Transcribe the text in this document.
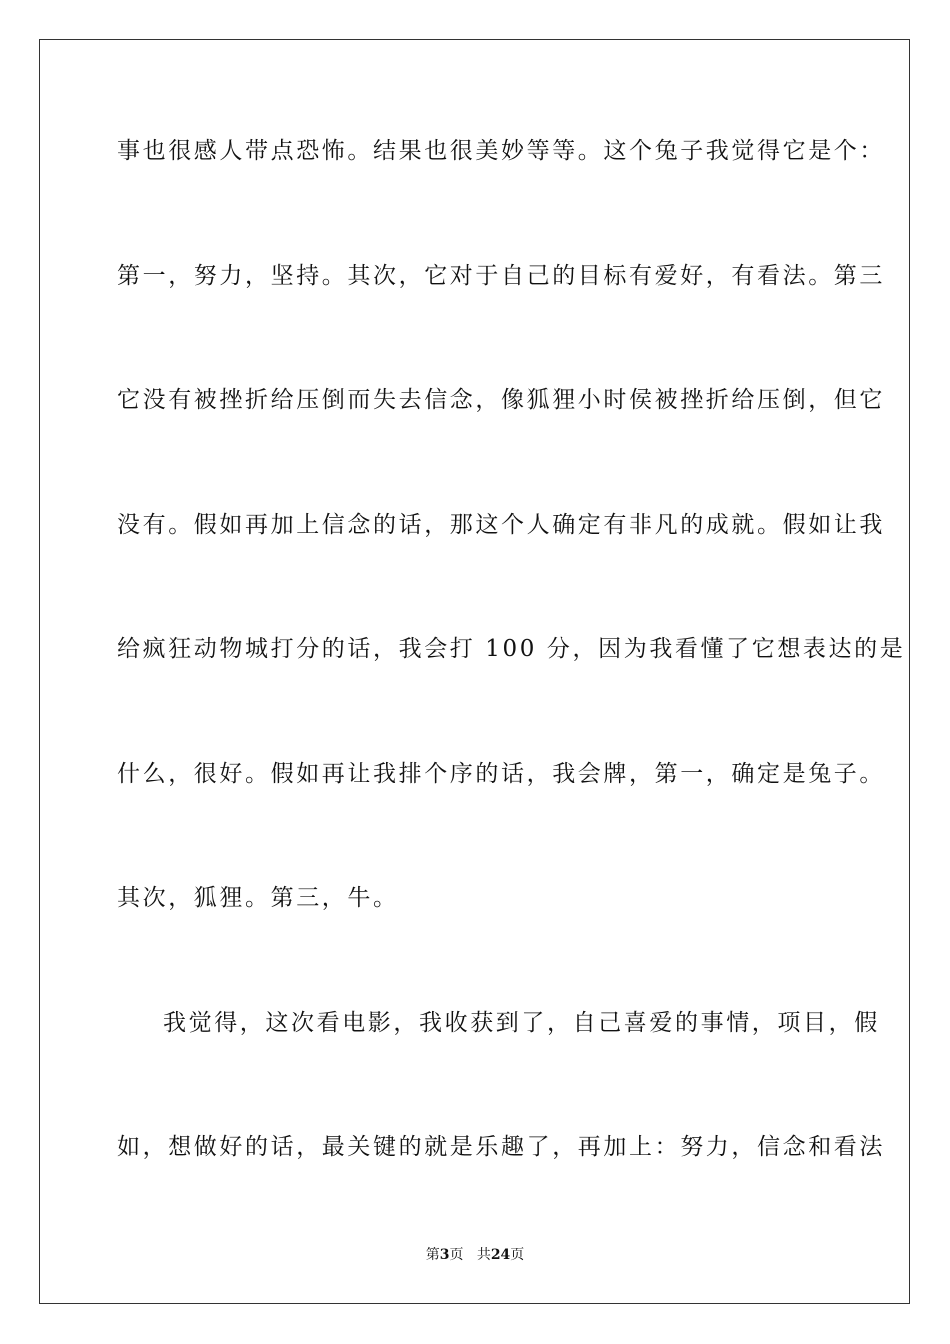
事也很感人带点恐怖。结果也很美妙等等。这个兔子我觉得它是个：
第一，努力，坚持。其次，它对于自己的目标有爱好，有看法。第三
它没有被挫折给压倒而失去信念，像狐狸小时侯被挫折给压倒，但它
没有。假如再加上信念的话，那这个人确定有非凡的成就。假如让我
给疯狂动物城打分的话，我会打 100 分，因为我看懂了它想表达的是
什么，很好。假如再让我排个序的话，我会牌，第一，确定是兔子。
其次，狐狸。第三，牛。
我觉得，这次看电影，我收获到了，自己喜爱的事情，项目，假
如，想做好的话，最关键的就是乐趣了，再加上：努力，信念和看法
第3页 共24页
